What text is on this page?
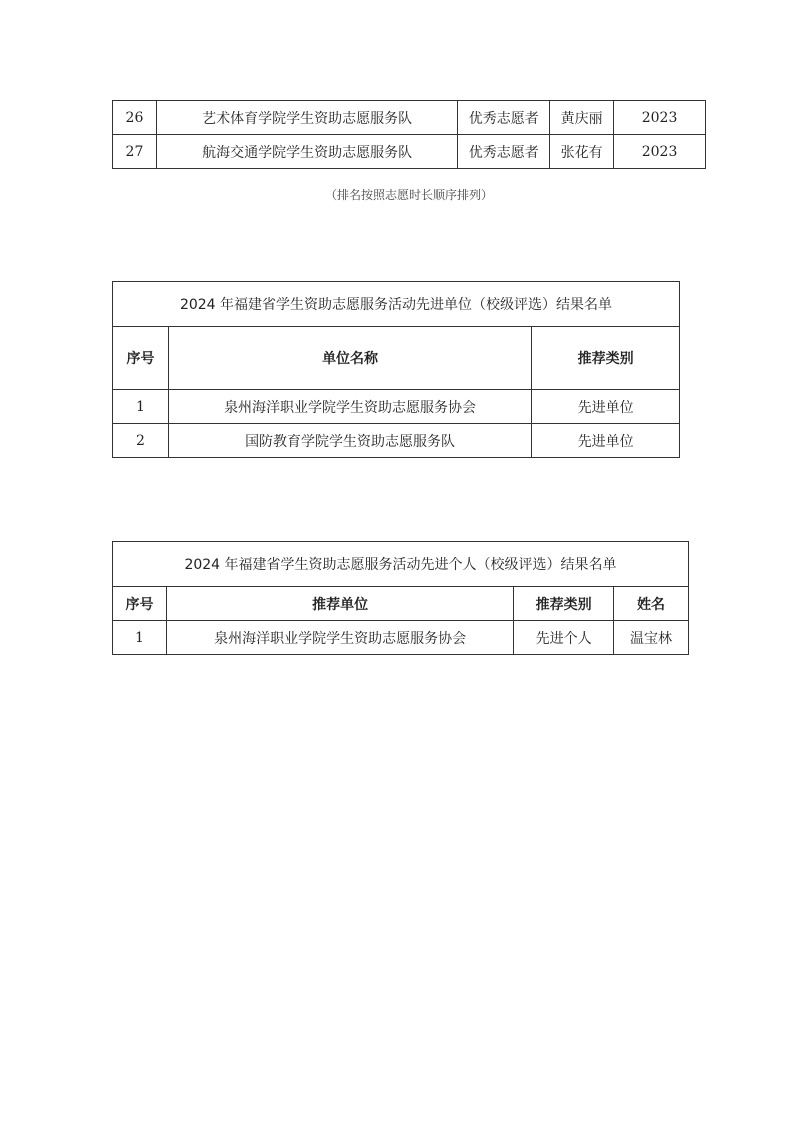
26	艺术体育学院学生资助志愿服务队	优秀志愿者	黄庆丽	2023
27	航海交通学院学生资助志愿服务队	优秀志愿者	张花有	2023
（排名按照志愿时长顺序排列）
2024 年福建省学生资助志愿服务活动先进单位（校级评选）结果名单		
序号	单位名称	推荐类别
1	泉州海洋职业学院学生资助志愿服务协会	先进单位
2	国防教育学院学生资助志愿服务队	先进单位
2024 年福建省学生资助志愿服务活动先进个人（校级评选）结果名单			
序号	推荐单位	推荐类别	姓名
1	泉州海洋职业学院学生资助志愿服务协会	先进个人	温宝林
